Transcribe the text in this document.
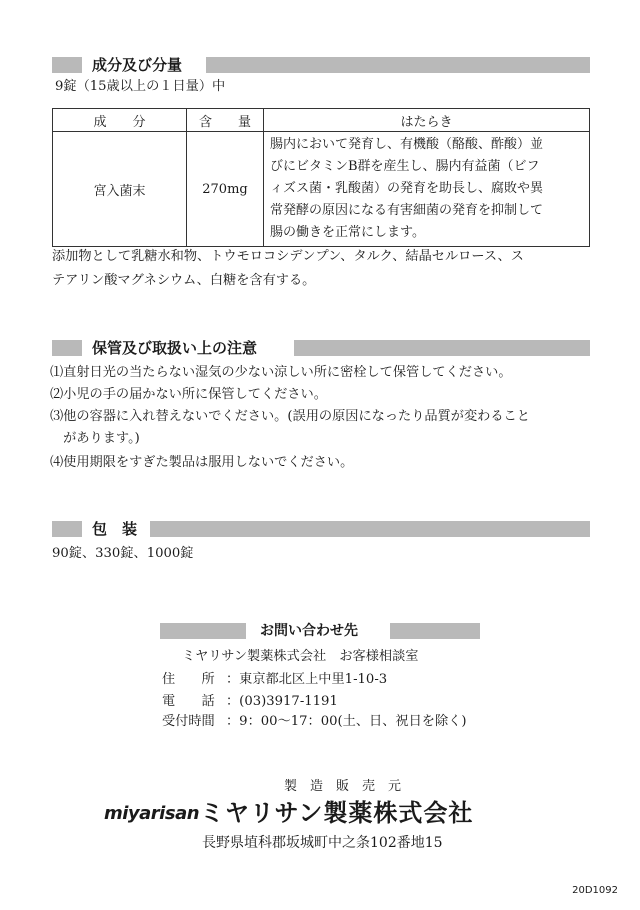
成分及び分量
9錠（15歳以上の１日量）中
成　　分	含　　量	はたらき
宮入菌末	270mg	腸内において発育し、有機酸（酪酸、酢酸）並
びにビタミンB群を産生し、腸内有益菌（ビフ
ィズス菌・乳酸菌）の発育を助長し、腐敗や異
常発酵の原因になる有害細菌の発育を抑制して
腸の働きを正常にします。
添加物として乳糖水和物、トウモロコシデンプン、タルク、結晶セルロース、ス
テアリン酸マグネシウム、白糖を含有する。
保管及び取扱い上の注意
⑴直射日光の当たらない湿気の少ない涼しい所に密栓して保管してください。
⑵小児の手の届かない所に保管してください。
⑶他の容器に入れ替えないでください。(誤用の原因になったり品質が変わること
　があります。)
⑷使用期限をすぎた製品は服用しないでください。
包　装
90錠、330錠、1000錠
お問い合わせ先
ミヤリサン製薬株式会社　お客様相談室
住　　所 ：東京都北区上中里1-10-3
電　　話 ：(03)3917-1191
受付時間 ：9：00～17：00(土、日、祝日を除く)
製　造　販　売　元
miyarisan ミヤリサン製薬株式会社
長野県埴科郡坂城町中之条102番地15
20D1092
